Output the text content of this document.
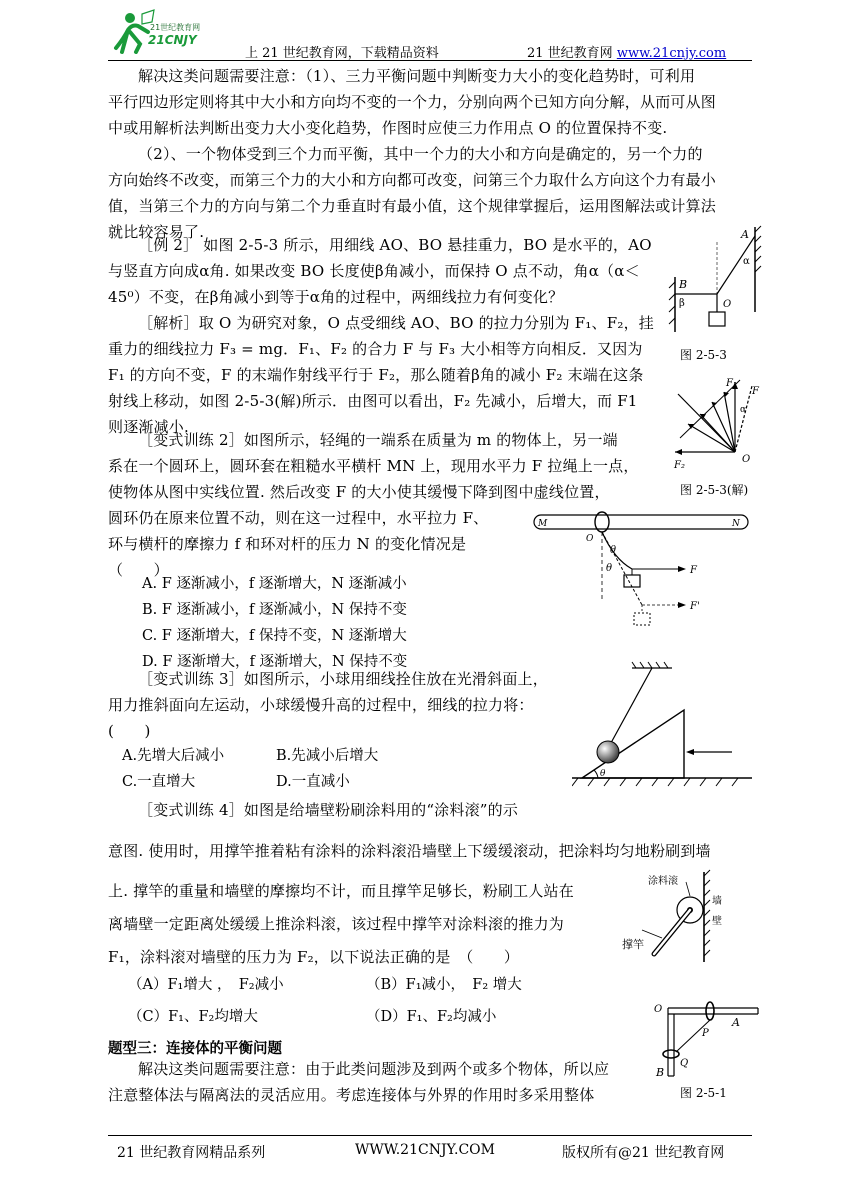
21世纪教育网
21CNJY
上 21 世纪教育网，下载精品资料	21 世纪教育网 www.21cnjy.com
解决这类问题需要注意：（1）、三力平衡问题中判断变力大小的变化趋势时，可利用
平行四边形定则将其中大小和方向均不变的一个力，分别向两个已知方向分解，从而可从图
中或用解析法判断出变力大小变化趋势，作图时应使三力作用点 O 的位置保持不变.
（2）、一个物体受到三个力而平衡，其中一个力的大小和方向是确定的，另一个力的
方向始终不改变，而第三个力的大小和方向都可改变，问第三个力取什么方向这个力有最小
值，当第三个力的方向与第二个力垂直时有最小值，这个规律掌握后，运用图解法或计算法
就比较容易了.
［例 2］ 如图 2-5-3 所示，用细线 AO、BO 悬挂重力，BO 是水平的，AO
与竖直方向成α角. 如果改变 BO 长度使β角减小，而保持 O 点不动，角α（α＜
45⁰）不变，在β角减小到等于α角的过程中，两细线拉力有何变化？
A
α
B
β	O
图 2-5-3
［解析］取 O 为研究对象，O 点受细线 AO、BO 的拉力分别为 F₁、F₂，挂
重力的细线拉力 F₃ = mg．F₁、F₂ 的合力 F 与 F₃ 大小相等方向相反．又因为
F₁ 的方向不变，F 的末端作射线平行于 F₂，那么随着β角的减小 F₂ 末端在这条
射线上移动，如图 2-5-3(解)所示．由图可以看出，F₂ 先减小，后增大，而 F1
则逐渐减小.
F₁
F
α
F₂
O
图 2-5-3(解)
［变式训练 2］如图所示，轻绳的一端系在质量为 m 的物体上，另一端
系在一个圆环上，圆环套在粗糙水平横杆 MN 上，现用水平力 F 拉绳上一点，
使物体从图中实线位置. 然后改变 F 的大小使其缓慢下降到图中虚线位置，
圆环仍在原来位置不动，则在这一过程中，水平拉力 F、
环与横杆的摩擦力 f 和环对杆的压力 N 的变化情况是
（　　）
A. F 逐渐减小，f 逐渐增大，N 逐渐减小
B. F 逐渐减小，f 逐渐减小，N 保持不变
C. F 逐渐增大，f 保持不变，N 逐渐增大
D. F 逐渐增大，f 逐渐增大，N 保持不变
M
O
N
θ
θ	F
F'
［变式训练 3］如图所示，小球用细线拴住放在光滑斜面上，
用力推斜面向左运动，小球缓慢升高的过程中，细线的拉力将：
(　　)
A.先增大后减小	B.先减小后增大
C.一直增大	D.一直减小	θ
［变式训练 4］如图是给墙壁粉刷涂料用的“涂料滚”的示
意图. 使用时，用撑竿推着粘有涂料的涂料滚沿墙壁上下缓缓滚动，把涂料均匀地粉刷到墙
上. 撑竿的重量和墙壁的摩擦均不计，而且撑竿足够长，粉刷工人站在
离墙壁一定距离处缓缓上推涂料滚，该过程中撑竿对涂料滚的推力为
F₁，涂料滚对墙壁的压力为 F₂，以下说法正确的是　（　　）
（A）F₁增大 ，　F₂减小	（B）F₁减小，　F₂ 增大
（C）F₁、F₂均增大	（D）F₁、F₂均减小
涂料滚
撑竿
墙
壁
题型三：连接体的平衡问题
解决这类问题需要注意：由于此类问题涉及到两个或多个物体，所以应
注意整体法与隔离法的灵活应用。考虑连接体与外界的作用时多采用整体
O
P
A
Q
B
图 2-5-1
21 世纪教育网精品系列	WWW.21CNJY.COM	版权所有@21 世纪教育网
